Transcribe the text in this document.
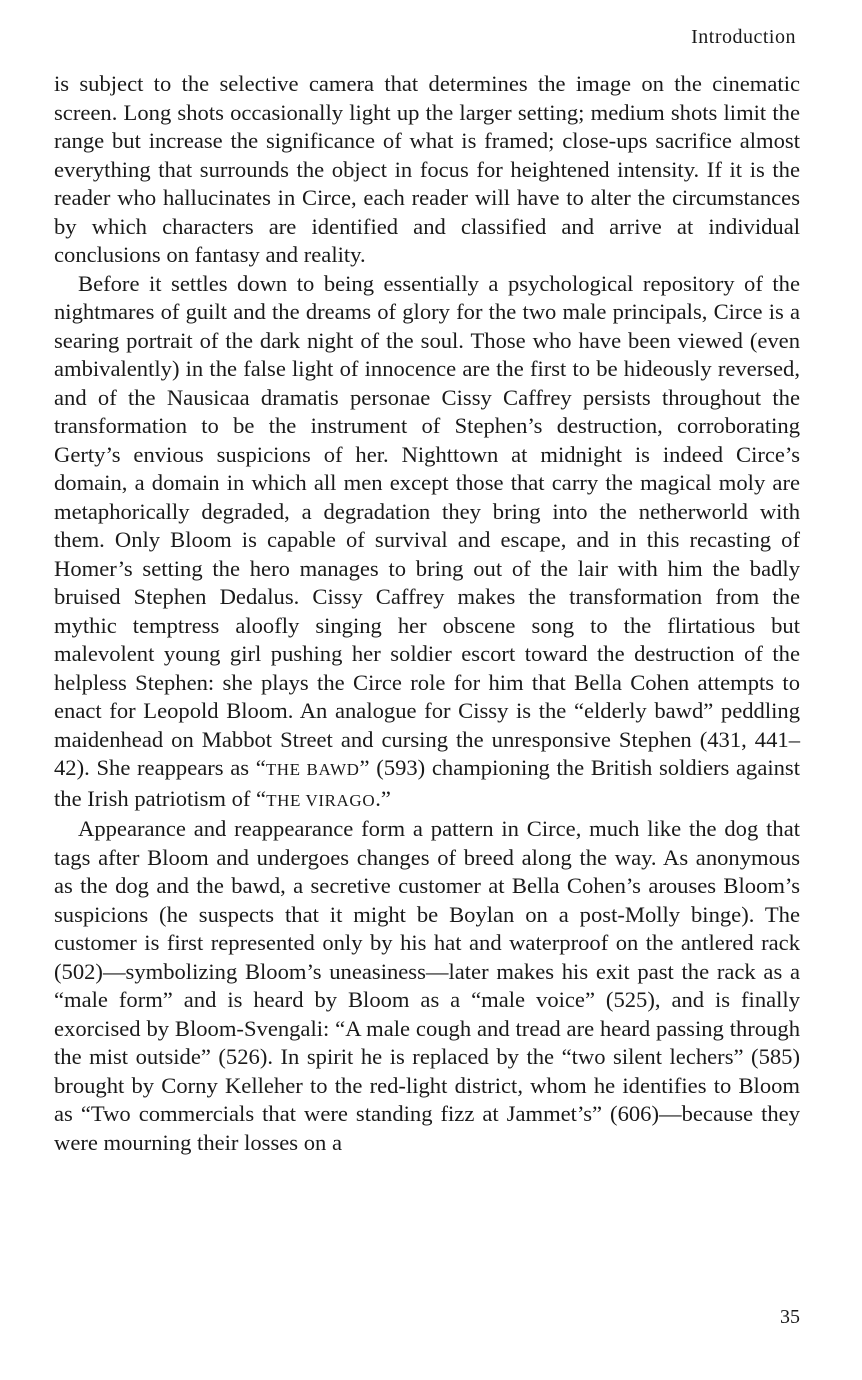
Introduction

is subject to the selective camera that determines the image on the cinematic screen. Long shots occasionally light up the larger setting; medium shots limit the range but increase the significance of what is framed; close-ups sacrifice almost everything that surrounds the object in focus for heightened intensity. If it is the reader who hallucinates in Circe, each reader will have to alter the circumstances by which characters are identified and classified and arrive at individual conclusions on fantasy and reality.

Before it settles down to being essentially a psychological repository of the nightmares of guilt and the dreams of glory for the two male principals, Circe is a searing portrait of the dark night of the soul. Those who have been viewed (even ambivalently) in the false light of innocence are the first to be hideously reversed, and of the Nausicaa dramatis personae Cissy Caffrey persists throughout the transformation to be the instrument of Stephen’s destruction, corroborating Gerty’s envious suspicions of her. Nighttown at midnight is indeed Circe’s domain, a domain in which all men except those that carry the magical moly are metaphorically degraded, a degradation they bring into the netherworld with them. Only Bloom is capable of survival and escape, and in this recasting of Homer’s setting the hero manages to bring out of the lair with him the badly bruised Stephen Dedalus. Cissy Caffrey makes the transformation from the mythic temptress aloofly singing her obscene song to the flirtatious but malevolent young girl pushing her soldier escort toward the destruction of the helpless Stephen: she plays the Circe role for him that Bella Cohen attempts to enact for Leopold Bloom. An analogue for Cissy is the “elderly bawd” peddling maidenhead on Mabbot Street and cursing the unresponsive Stephen (431, 441–42). She reappears as “THE BAWD” (593) championing the British soldiers against the Irish patriotism of “THE VIRAGO.”

Appearance and reappearance form a pattern in Circe, much like the dog that tags after Bloom and undergoes changes of breed along the way. As anonymous as the dog and the bawd, a secretive customer at Bella Cohen’s arouses Bloom’s suspicions (he suspects that it might be Boylan on a post-Molly binge). The customer is first represented only by his hat and waterproof on the antlered rack (502)—symbolizing Bloom’s uneasiness—later makes his exit past the rack as a “male form” and is heard by Bloom as a “male voice” (525), and is finally exorcised by Bloom-Svengali: “A male cough and tread are heard passing through the mist outside” (526). In spirit he is replaced by the “two silent lechers” (585) brought by Corny Kelleher to the red-light district, whom he identifies to Bloom as “Two commercials that were standing fizz at Jammet’s” (606)—because they were mourning their losses on a

35
